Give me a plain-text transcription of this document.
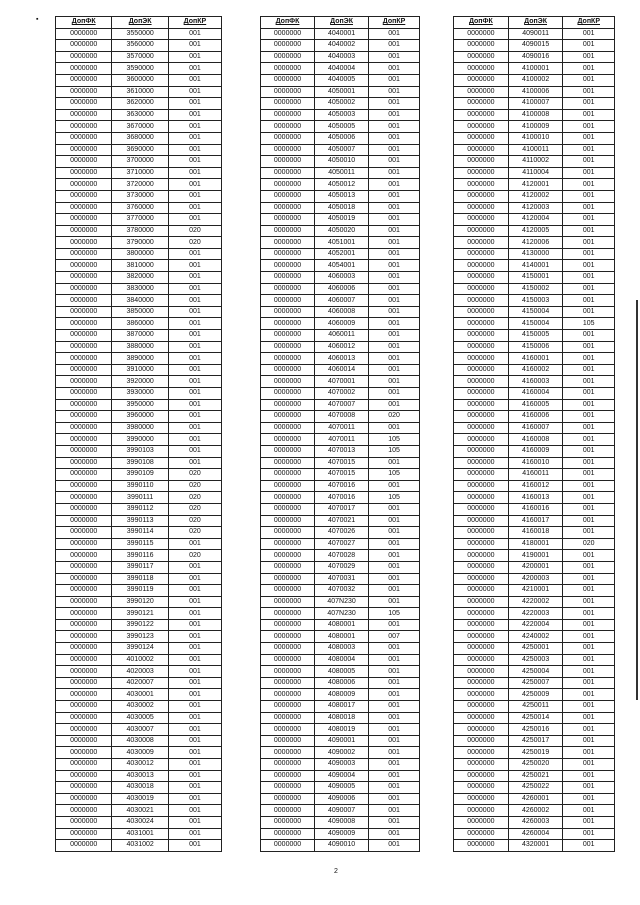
▪	ДопФК	ДопЭК	ДопКР
0000000	3550000	001
0000000	3560000	001
0000000	3570000	001
0000000	3590000	001
0000000	3600000	001
0000000	3610000	001
0000000	3620000	001
0000000	3630000	001
0000000	3670000	001
0000000	3680000	001
0000000	3690000	001
0000000	3700000	001
0000000	3710000	001
0000000	3720000	001
0000000	3730000	001
0000000	3760000	001
0000000	3770000	001
0000000	3780000	020
0000000	3790000	020
0000000	3800000	001
0000000	3810000	001
0000000	3820000	001
0000000	3830000	001
0000000	3840000	001
0000000	3850000	001
0000000	3860000	001
0000000	3870000	001
0000000	3880000	001
0000000	3890000	001
0000000	3910000	001
0000000	3920000	001
0000000	3930000	001
0000000	3950000	001
0000000	3960000	001
0000000	3980000	001
0000000	3990000	001
0000000	3990103	001
0000000	3990108	001
0000000	3990109	020
0000000	3990110	020
0000000	3990111	020
0000000	3990112	020
0000000	3990113	020
0000000	3990114	020
0000000	3990115	001
0000000	3990116	020
0000000	3990117	001
0000000	3990118	001
0000000	3990119	001
0000000	3990120	001
0000000	3990121	001
0000000	3990122	001
0000000	3990123	001
0000000	3990124	001
0000000	4010002	001
0000000	4020003	001
0000000	4020007	001
0000000	4030001	001
0000000	4030002	001
0000000	4030005	001
0000000	4030007	001
0000000	4030008	001
0000000	4030009	001
0000000	4030012	001
0000000	4030013	001
0000000	4030018	001
0000000	4030019	001
0000000	4030021	001
0000000	4030024	001
0000000	4031001	001
0000000	4031002	001
ДопФК	ДопЭК	ДопКР
0000000	4040001	001
0000000	4040002	001
0000000	4040003	001
0000000	4040004	001
0000000	4040005	001
0000000	4050001	001
0000000	4050002	001
0000000	4050003	001
0000000	4050005	001
0000000	4050006	001
0000000	4050007	001
0000000	4050010	001
0000000	4050011	001
0000000	4050012	001
0000000	4050013	001
0000000	4050018	001
0000000	4050019	001
0000000	4050020	001
0000000	4051001	001
0000000	4052001	001
0000000	4054001	001
0000000	4060003	001
0000000	4060006	001
0000000	4060007	001
0000000	4060008	001
0000000	4060009	001
0000000	4060011	001
0000000	4060012	001
0000000	4060013	001
0000000	4060014	001
0000000	4070001	001
0000000	4070002	001
0000000	4070007	001
0000000	4070008	020
0000000	4070011	001
0000000	4070011	105
0000000	4070013	105
0000000	4070015	001
0000000	4070015	105
0000000	4070016	001
0000000	4070016	105
0000000	4070017	001
0000000	4070021	001
0000000	4070026	001
0000000	4070027	001
0000000	4070028	001
0000000	4070029	001
0000000	4070031	001
0000000	4070032	001
0000000	407N230	001
0000000	407N230	105
0000000	4080001	001
0000000	4080001	007
0000000	4080003	001
0000000	4080004	001
0000000	4080005	001
0000000	4080006	001
0000000	4080009	001
0000000	4080017	001
0000000	4080018	001
0000000	4080019	001
0000000	4090001	001
0000000	4090002	001
0000000	4090003	001
0000000	4090004	001
0000000	4090005	001
0000000	4090006	001
0000000	4090007	001
0000000	4090008	001
0000000	4090009	001
0000000	4090010	001
ДопФК	ДопЭК	ДопКР
0000000	4090011	001
0000000	4090015	001
0000000	4090016	001
0000000	4100001	001
0000000	4100002	001
0000000	4100006	001
0000000	4100007	001
0000000	4100008	001
0000000	4100009	001
0000000	4100010	001
0000000	4100011	001
0000000	4110002	001
0000000	4110004	001
0000000	4120001	001
0000000	4120002	001
0000000	4120003	001
0000000	4120004	001
0000000	4120005	001
0000000	4120006	001
0000000	4130000	001
0000000	4140001	001
0000000	4150001	001
0000000	4150002	001
0000000	4150003	001
0000000	4150004	001
0000000	4150004	105
0000000	4150005	001
0000000	4150006	001
0000000	4160001	001
0000000	4160002	001
0000000	4160003	001
0000000	4160004	001
0000000	4160005	001
0000000	4160006	001
0000000	4160007	001
0000000	4160008	001
0000000	4160009	001
0000000	4160010	001
0000000	4160011	001
0000000	4160012	001
0000000	4160013	001
0000000	4160016	001
0000000	4160017	001
0000000	4160018	001
0000000	4180001	020
0000000	4190001	001
0000000	4200001	001
0000000	4200003	001
0000000	4210001	001
0000000	4220002	001
0000000	4220003	001
0000000	4220004	001
0000000	4240002	001
0000000	4250001	001
0000000	4250003	001
0000000	4250004	001
0000000	4250007	001
0000000	4250009	001
0000000	4250011	001
0000000	4250014	001
0000000	4250016	001
0000000	4250017	001
0000000	4250019	001
0000000	4250020	001
0000000	4250021	001
0000000	4250022	001
0000000	4260001	001
0000000	4260002	001
0000000	4260003	001
0000000	4260004	001
0000000	4320001	001
2
